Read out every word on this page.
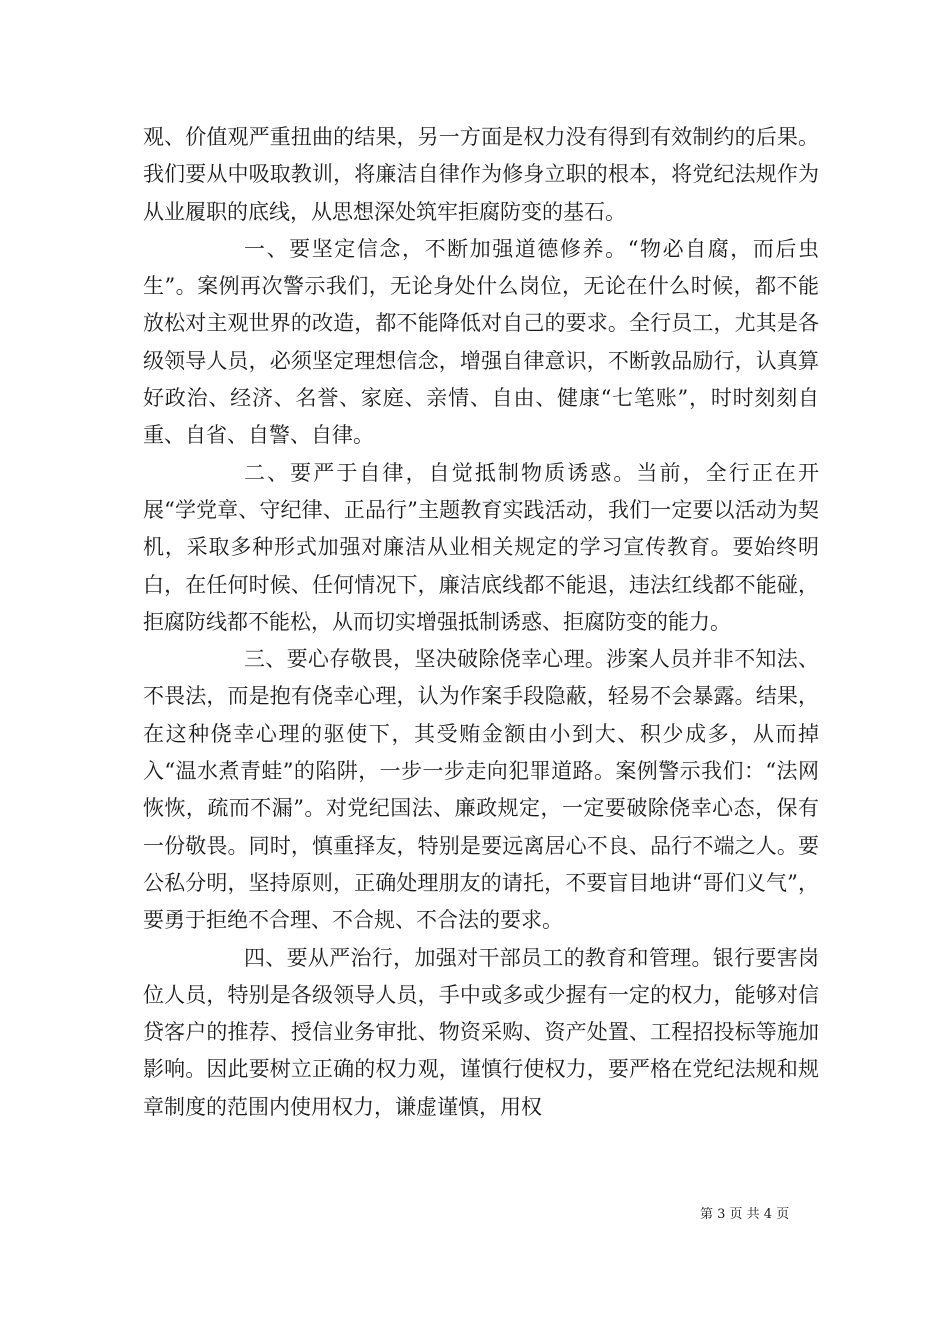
观、价值观严重扭曲的结果，另一方面是权力没有得到有效制约的后果。我们要从中吸取教训，将廉洁自律作为修身立职的根本，将党纪法规作为从业履职的底线，从思想深处筑牢拒腐防变的基石。

一、要坚定信念，不断加强道德修养。“物必自腐，而后虫生”。案例再次警示我们，无论身处什么岗位，无论在什么时候，都不能放松对主观世界的改造，都不能降低对自己的要求。全行员工，尤其是各级领导人员，必须坚定理想信念，增强自律意识，不断敦品励行，认真算好政治、经济、名誉、家庭、亲情、自由、健康“七笔账”，时时刻刻自重、自省、自警、自律。

二、要严于自律，自觉抵制物质诱惑。当前，全行正在开展“学党章、守纪律、正品行”主题教育实践活动，我们一定要以活动为契机，采取多种形式加强对廉洁从业相关规定的学习宣传教育。要始终明白，在任何时候、任何情况下，廉洁底线都不能退，违法红线都不能碰，拒腐防线都不能松，从而切实增强抵制诱惑、拒腐防变的能力。

三、要心存敬畏，坚决破除侥幸心理。涉案人员并非不知法、不畏法，而是抱有侥幸心理，认为作案手段隐蔽，轻易不会暴露。结果，在这种侥幸心理的驱使下，其受贿金额由小到大、积少成多，从而掉入“温水煮青蛙”的陷阱，一步一步走向犯罪道路。案例警示我们：“法网恢恢，疏而不漏”。对党纪国法、廉政规定，一定要破除侥幸心态，保有一份敬畏。同时，慎重择友，特别是要远离居心不良、品行不端之人。要公私分明，坚持原则，正确处理朋友的请托，不要盲目地讲“哥们义气”，要勇于拒绝不合理、不合规、不合法的要求。

四、要从严治行，加强对干部员工的教育和管理。银行要害岗位人员，特别是各级领导人员，手中或多或少握有一定的权力，能够对信贷客户的推荐、授信业务审批、物资采购、资产处置、工程招投标等施加影响。因此要树立正确的权力观，谨慎行使权力，要严格在党纪法规和规章制度的范围内使用权力，谦虚谨慎，用权

第 3 页 共 4 页
